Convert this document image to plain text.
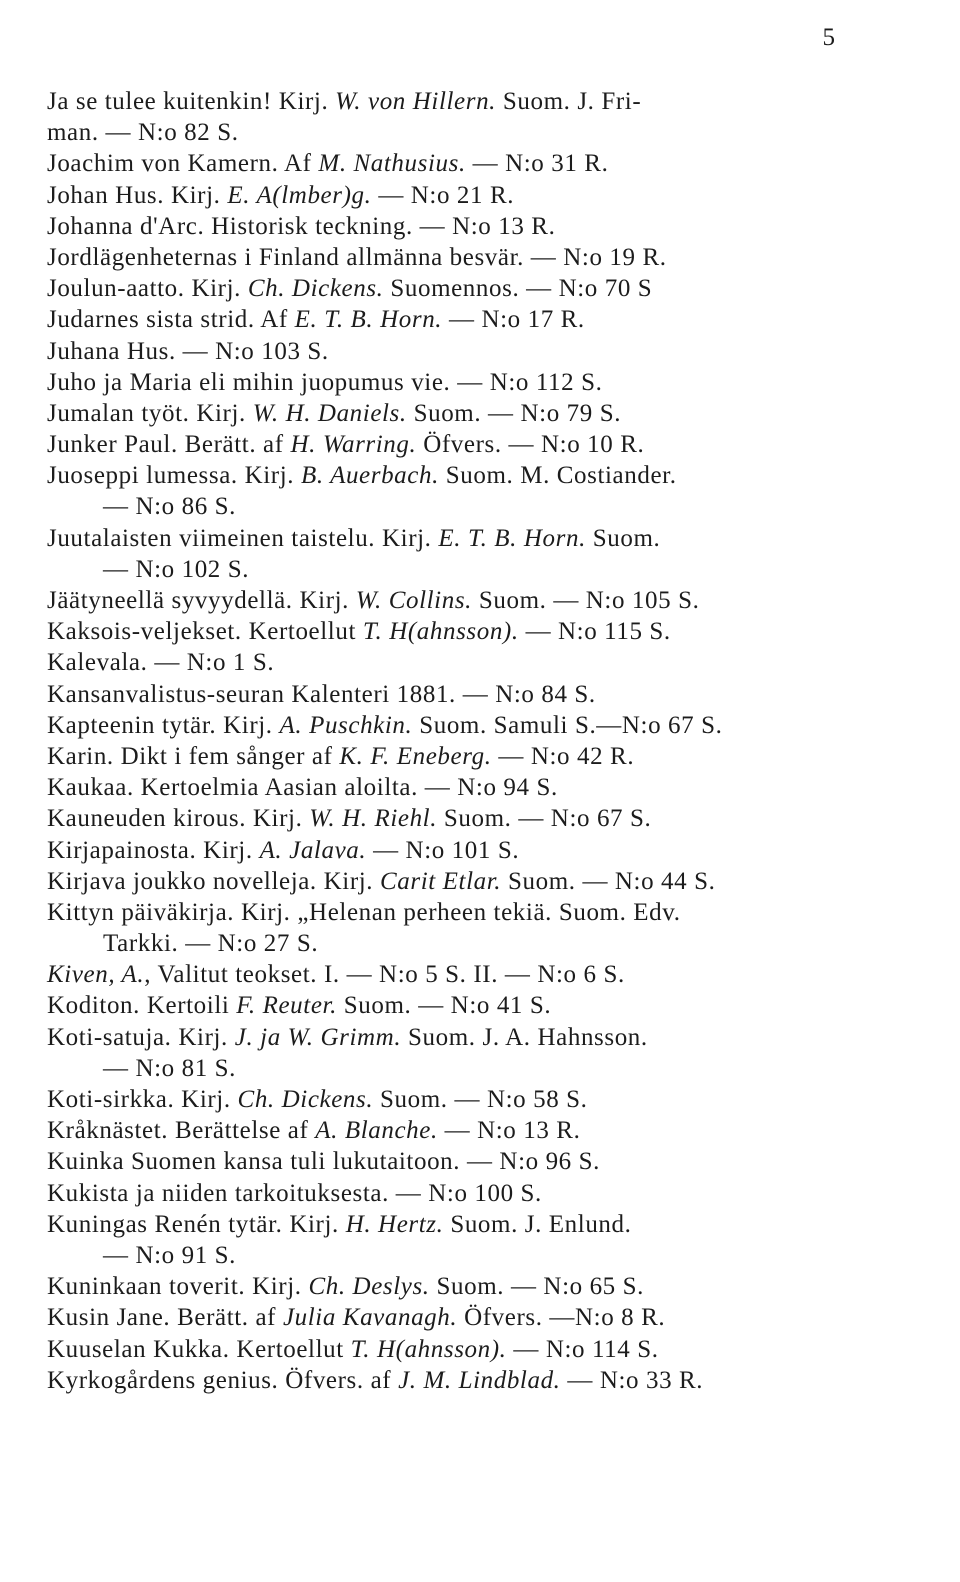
5
Ja se tulee kuitenkin! Kirj. W. von Hillern. Suom. J. Fri-
man. — N:o 82 S.
Joachim von Kamern. Af M. Nathusius. — N:o 31 R.
Johan Hus. Kirj. E. A(lmber)g. — N:o 21 R.
Johanna d'Arc. Historisk teckning. — N:o 13 R.
Jordlägenheternas i Finland allmänna besvär. — N:o 19 R.
Joulun-aatto. Kirj. Ch. Dickens. Suomennos. — N:o 70 S
Judarnes sista strid. Af E. T. B. Horn. — N:o 17 R.
Juhana Hus. — N:o 103 S.
Juho ja Maria eli mihin juopumus vie. — N:o 112 S.
Jumalan työt. Kirj. W. H. Daniels. Suom. — N:o 79 S.
Junker Paul. Berätt. af H. Warring. Öfvers. — N:o 10 R.
Juoseppi lumessa. Kirj. B. Auerbach. Suom. M. Costiander.
— N:o 86 S.
Juutalaisten viimeinen taistelu. Kirj. E. T. B. Horn. Suom.
— N:o 102 S.
Jäätyneellä syvyydellä. Kirj. W. Collins. Suom. — N:o 105 S.
Kaksois-veljekset. Kertoellut T. H(ahnsson). — N:o 115 S.
Kalevala. — N:o 1 S.
Kansanvalistus-seuran Kalenteri 1881. — N:o 84 S.
Kapteenin tytär. Kirj. A. Puschkin. Suom. Samuli S.—N:o 67 S.
Karin. Dikt i fem sånger af K. F. Eneberg. — N:o 42 R.
Kaukaa. Kertoelmia Aasian aloilta. — N:o 94 S.
Kauneuden kirous. Kirj. W. H. Riehl. Suom. — N:o 67 S.
Kirjapainosta. Kirj. A. Jalava. — N:o 101 S.
Kirjava joukko novelleja. Kirj. Carit Etlar. Suom. — N:o 44 S.
Kittyn päiväkirja. Kirj. „Helenan perheen tekiä. Suom. Edv.
Tarkki. — N:o 27 S.
Kiven, A., Valitut teokset. I. — N:o 5 S. II. — N:o 6 S.
Koditon. Kertoili F. Reuter. Suom. — N:o 41 S.
Koti-satuja. Kirj. J. ja W. Grimm. Suom. J. A. Hahnsson.
— N:o 81 S.
Koti-sirkka. Kirj. Ch. Dickens. Suom. — N:o 58 S.
Kråknästet. Berättelse af A. Blanche. — N:o 13 R.
Kuinka Suomen kansa tuli lukutaitoon. — N:o 96 S.
Kukista ja niiden tarkoituksesta. — N:o 100 S.
Kuningas Renén tytär. Kirj. H. Hertz. Suom. J. Enlund.
— N:o 91 S.
Kuninkaan toverit. Kirj. Ch. Deslys. Suom. — N:o 65 S.
Kusin Jane. Berätt. af Julia Kavanagh. Öfvers. —N:o 8 R.
Kuuselan Kukka. Kertoellut T. H(ahnsson). — N:o 114 S.
Kyrkogårdens genius. Öfvers. af J. M. Lindblad. — N:o 33 R.
